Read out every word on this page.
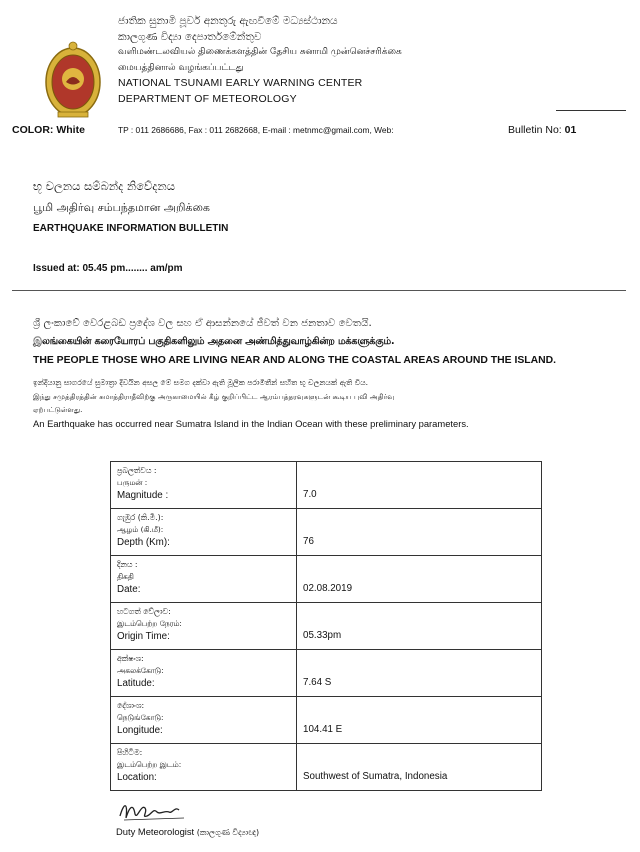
ජාතික සුනාමි පූර්ව අනතුරු ඇඟවීමේ මධ්‍යස්ථානය
කාලගුණ විද්‍යා දෙපාර්තමේන්තුව
வளிமண்டலவியல் திணைக்களத்தின் தேசிய சுனாமி முன்னெச்சரிக்கை
மையத்தினால் வழங்கப்பட்டது
NATIONAL TSUNAMI EARLY WARNING CENTER
DEPARTMENT OF METEOROLOGY
COLOR: White	TP : 011 2686686, Fax : 011 2682668, E-mail : metnmc@gmail.com, Web:	Bulletin No: 01
භූ චලනය සම්බන්ද නිවේදනය
பூமி அதிர்வு சம்பந்தமான அறிக்கை
EARTHQUAKE INFORMATION BULLETIN
Issued at: 05.45 pm........ am/pm
ශ්‍රී ලංකාවේ වෙරළබඩ ප්‍රදේශ වල සහ ඒ ආසන්නයේ ජීවත් වන ජනතාව වෙතයි.
இலங்கையின் கரையோரப் பகுதிகளிலும் அதனை அண்மித்துவாழ்கின்ற மக்களுக்கும்.
THE PEOPLE THOSE WHO ARE LIVING NEAR AND ALONG THE COASTAL AREAS AROUND THE ISLAND.
ඉන්දියානු සාගරයේ සුමාත්‍රා දිවයින අසල මේ සමග දක්වා ඇති මූලික පරාමිතීන් සහිත භූ චලනයක් ඇති විය.
இந்து சமுத்திரத்தின் சுமாத்திராதீவிற்கு அருகாமையில் கீழ் குறிப்பிட்ட ஆரம்பத்தரவுகளுடன் கூடிய புவி அதிர்வு
ஏற்பட்டுள்ளது.
An Earthquake has occurred near Sumatra Island in the Indian Ocean with these preliminary parameters.
ප්‍රබලත්වය :
பருமன் :
Magnitude :	7.0

ගැඹුර (කි.මී.):
ஆழம் (கி.மீ):
Depth (Km):	76

දිනය :
திகதி
Date:	02.08.2019

හටගත් වේලාව:
இடம்பெற்ற நேரம்:
Origin Time:	05.33pm

අක්ෂංශ:
அகலக்கோடு:
Latitude:	7.64 S

දේශාංශ:
நெடுங்கோடு:
Longitude:	104.41 E

පිහිටීම:
இடம்பெற்ற இடம்:
Location:	Southwest of Sumatra, Indonesia
Duty Meteorologist (කාලගුණ විද්‍යාඥ)
